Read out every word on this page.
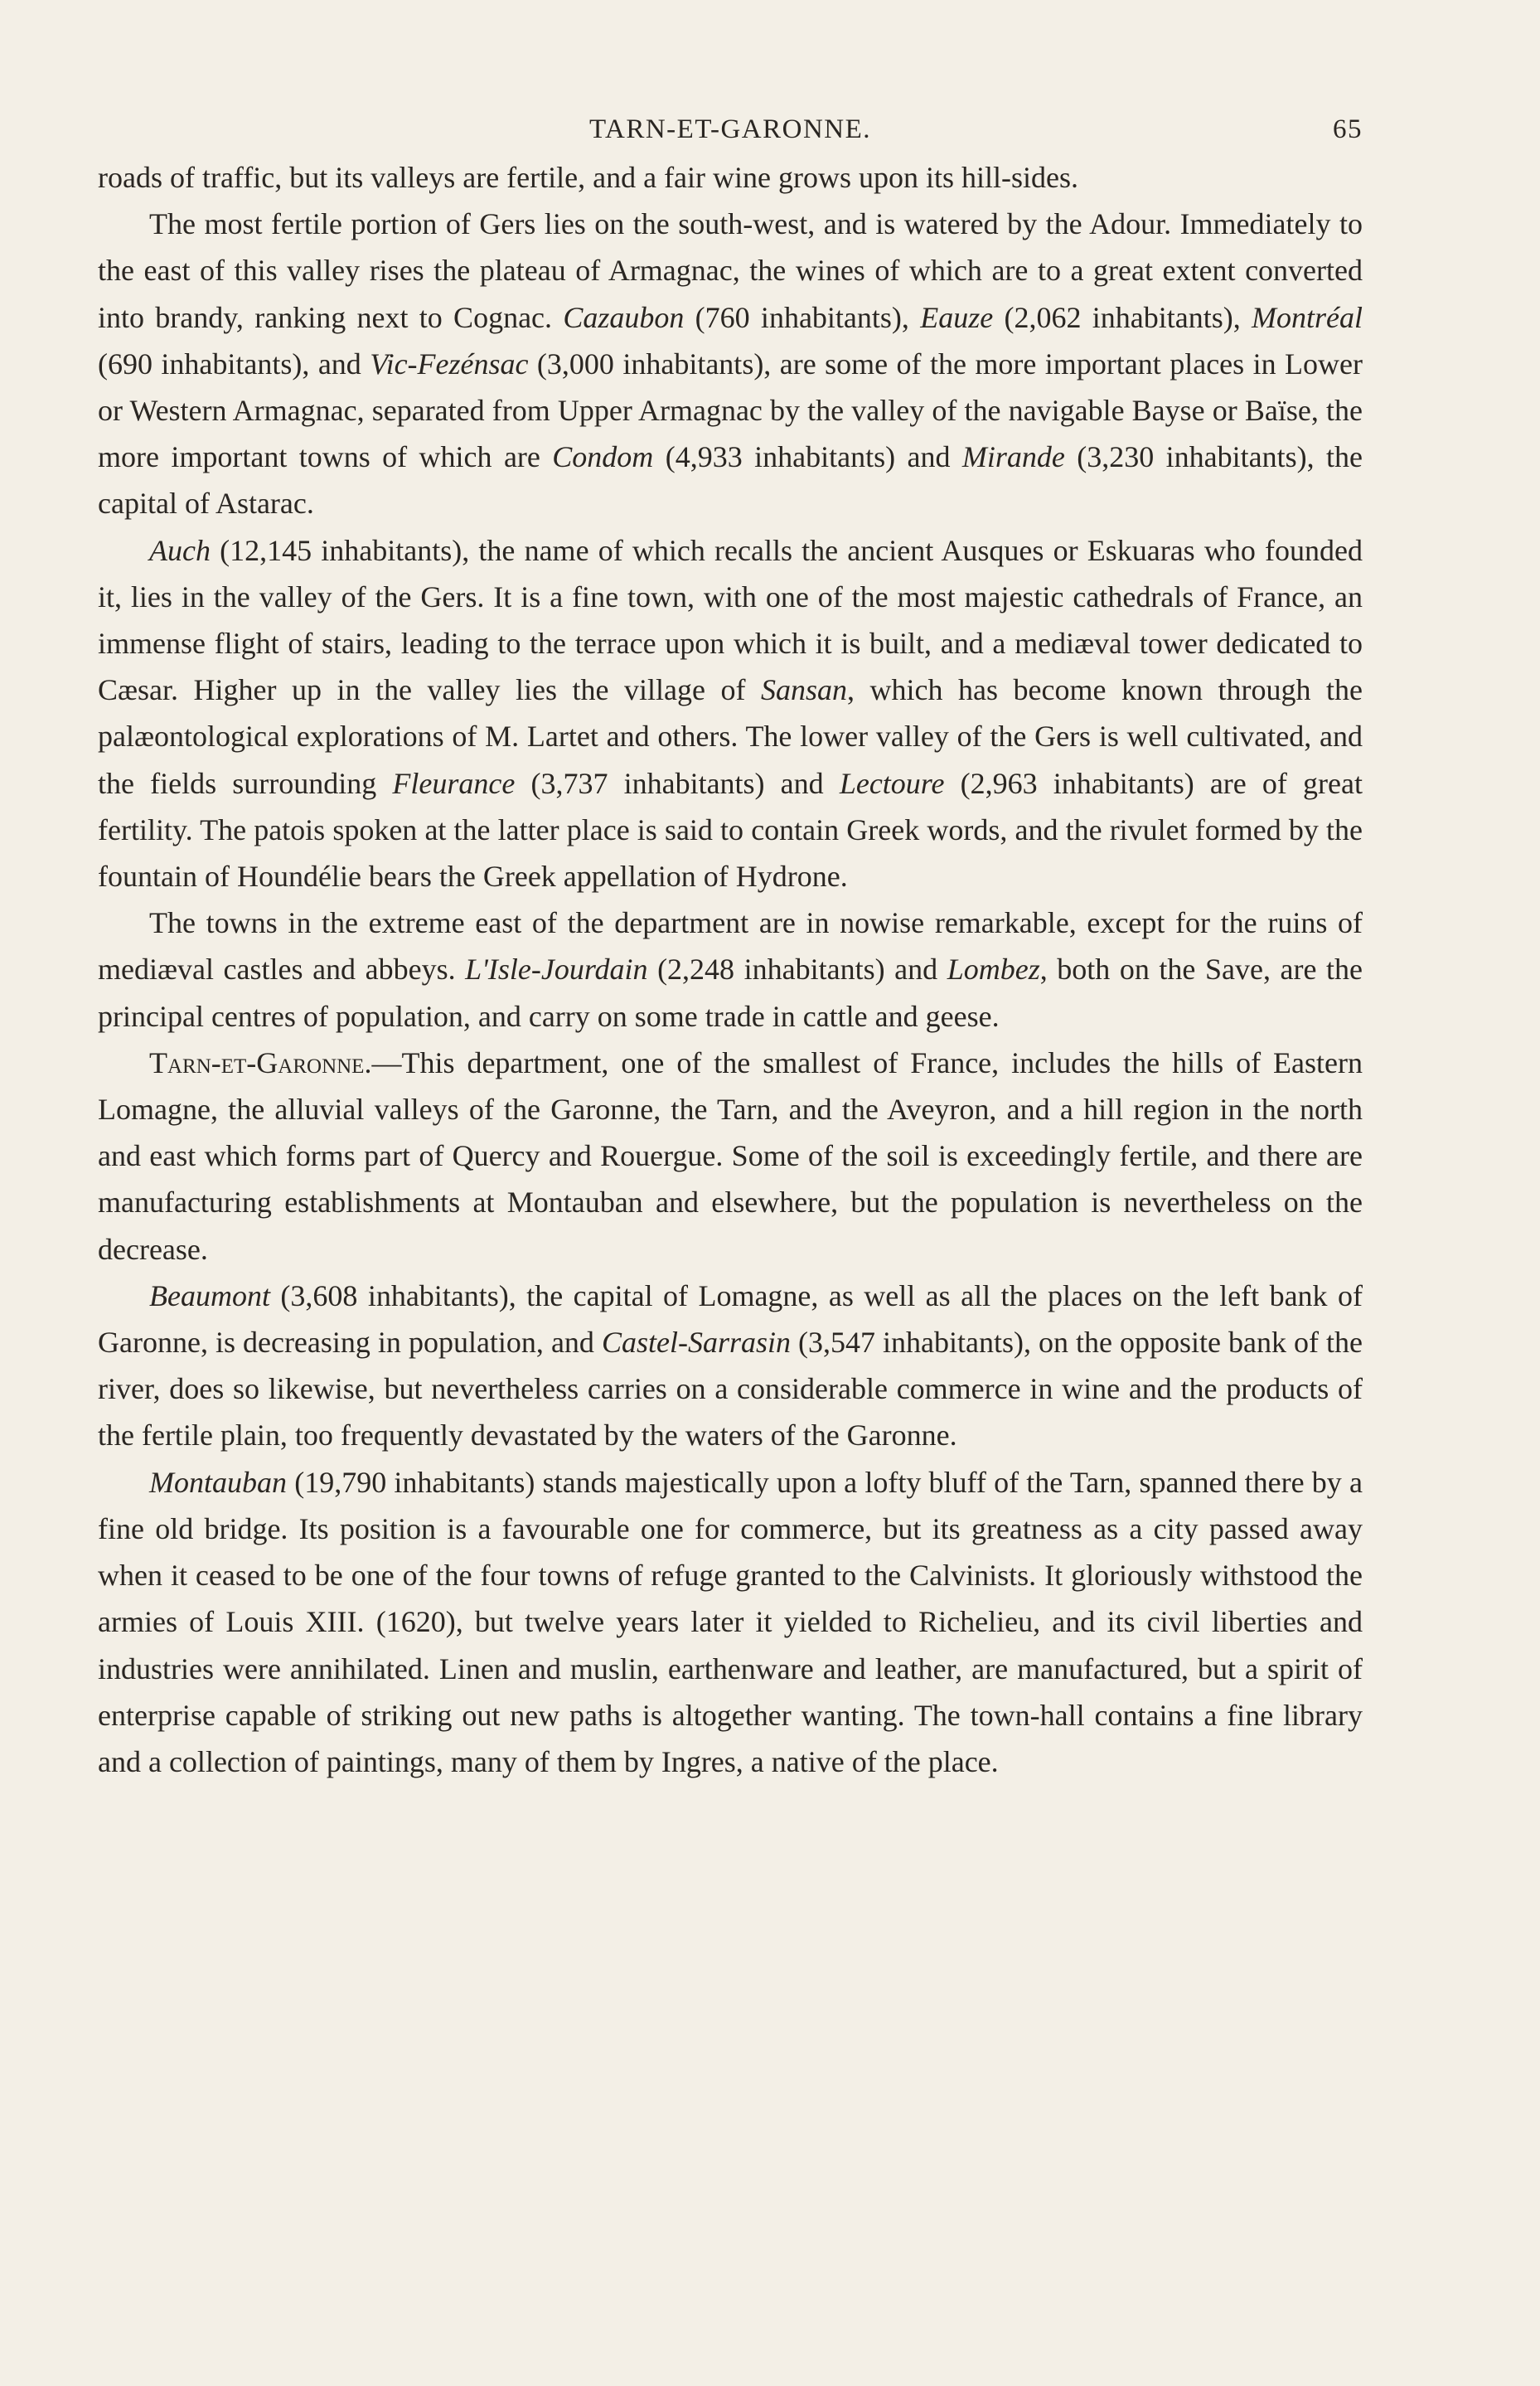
TARN-ET-GARONNE.	65

roads of traffic, but its valleys are fertile, and a fair wine grows upon its hill-sides.

The most fertile portion of Gers lies on the south-west, and is watered by the Adour. Immediately to the east of this valley rises the plateau of Armagnac, the wines of which are to a great extent converted into brandy, ranking next to Cognac. Cazaubon (760 inhabitants), Eauze (2,062 inhabitants), Montréal (690 inhabitants), and Vic-Fezénsac (3,000 inhabitants), are some of the more important places in Lower or Western Armagnac, separated from Upper Armagnac by the valley of the navigable Bayse or Baïse, the more important towns of which are Condom (4,933 inhabitants) and Mirande (3,230 inhabitants), the capital of Astarac.

Auch (12,145 inhabitants), the name of which recalls the ancient Ausques or Eskuaras who founded it, lies in the valley of the Gers. It is a fine town, with one of the most majestic cathedrals of France, an immense flight of stairs, leading to the terrace upon which it is built, and a mediæval tower dedicated to Cæsar. Higher up in the valley lies the village of Sansan, which has become known through the palæontological explorations of M. Lartet and others. The lower valley of the Gers is well cultivated, and the fields surrounding Fleurance (3,737 inhabitants) and Lectoure (2,963 inhabitants) are of great fertility. The patois spoken at the latter place is said to contain Greek words, and the rivulet formed by the fountain of Houndélie bears the Greek appellation of Hydrone.

The towns in the extreme east of the department are in nowise remarkable, except for the ruins of mediæval castles and abbeys. L'Isle-Jourdain (2,248 inhabitants) and Lombez, both on the Save, are the principal centres of population, and carry on some trade in cattle and geese.

Tarn-et-Garonne.—This department, one of the smallest of France, includes the hills of Eastern Lomagne, the alluvial valleys of the Garonne, the Tarn, and the Aveyron, and a hill region in the north and east which forms part of Quercy and Rouergue. Some of the soil is exceedingly fertile, and there are manufacturing establishments at Montauban and elsewhere, but the population is nevertheless on the decrease.

Beaumont (3,608 inhabitants), the capital of Lomagne, as well as all the places on the left bank of Garonne, is decreasing in population, and Castel-Sarrasin (3,547 inhabitants), on the opposite bank of the river, does so likewise, but nevertheless carries on a considerable commerce in wine and the products of the fertile plain, too frequently devastated by the waters of the Garonne.

Montauban (19,790 inhabitants) stands majestically upon a lofty bluff of the Tarn, spanned there by a fine old bridge. Its position is a favourable one for commerce, but its greatness as a city passed away when it ceased to be one of the four towns of refuge granted to the Calvinists. It gloriously withstood the armies of Louis XIII. (1620), but twelve years later it yielded to Richelieu, and its civil liberties and industries were annihilated. Linen and muslin, earthenware and leather, are manufactured, but a spirit of enterprise capable of striking out new paths is altogether wanting. The town-hall contains a fine library and a collection of paintings, many of them by Ingres, a native of the place.
